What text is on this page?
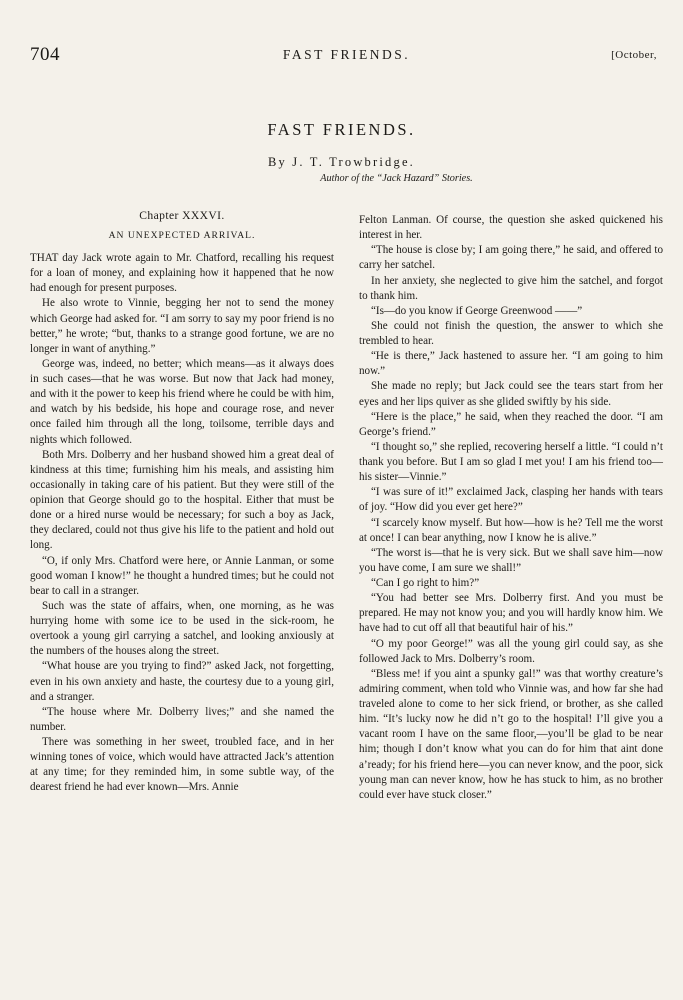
704	FAST FRIENDS.	[October,
FAST FRIENDS.
By J. T. Trowbridge.
Author of the “Jack Hazard” Stories.
Chapter XXXVI.
AN UNEXPECTED ARRIVAL.

THAT day Jack wrote again to Mr. Chatford, recalling his request for a loan of money, and explaining how it happened that he now had enough for present purposes.

He also wrote to Vinnie, begging her not to send the money which George had asked for. “I am sorry to say my poor friend is no better,” he wrote; “but, thanks to a strange good fortune, we are no longer in want of anything.”

George was, indeed, no better; which means—as it always does in such cases—that he was worse. But now that Jack had money, and with it the power to keep his friend where he could be with him, and watch by his bedside, his hope and courage rose, and never once failed him through all the long, toilsome, terrible days and nights which followed.

Both Mrs. Dolberry and her husband showed him a great deal of kindness at this time; furnishing him his meals, and assisting him occasionally in taking care of his patient. But they were still of the opinion that George should go to the hospital. Either that must be done or a hired nurse would be necessary; for such a boy as Jack, they declared, could not thus give his life to the patient and hold out long.

“O, if only Mrs. Chatford were here, or Annie Lanman, or some good woman I know!” he thought a hundred times; but he could not bear to call in a stranger.

Such was the state of affairs, when, one morning, as he was hurrying home with some ice to be used in the sick-room, he overtook a young girl carrying a satchel, and looking anxiously at the numbers of the houses along the street.

“What house are you trying to find?” asked Jack, not forgetting, even in his own anxiety and haste, the courtesy due to a young girl, and a stranger.

“The house where Mr. Dolberry lives;” and she named the number.

There was something in her sweet, troubled face, and in her winning tones of voice, which would have attracted Jack’s attention at any time; for they reminded him, in some subtle way, of the dearest friend he had ever known—Mrs. Annie

Felton Lanman. Of course, the question she asked quickened his interest in her.

“The house is close by; I am going there,” he said, and offered to carry her satchel.

In her anxiety, she neglected to give him the satchel, and forgot to thank him.

“Is—do you know if George Greenwood ——”

She could not finish the question, the answer to which she trembled to hear.

“He is there,” Jack hastened to assure her. “I am going to him now.”

She made no reply; but Jack could see the tears start from her eyes and her lips quiver as she glided swiftly by his side.

“Here is the place,” he said, when they reached the door. “I am George’s friend.”

“I thought so,” she replied, recovering herself a little. “I could n’t thank you before. But I am so glad I met you! I am his friend too—his sister—Vinnie.”

“I was sure of it!” exclaimed Jack, clasping her hands with tears of joy. “How did you ever get here?”

“I scarcely know myself. But how—how is he? Tell me the worst at once! I can bear anything, now I know he is alive.”

“The worst is—that he is very sick. But we shall save him—now you have come, I am sure we shall!”

“Can I go right to him?”

“You had better see Mrs. Dolberry first. And you must be prepared. He may not know you; and you will hardly know him. We have had to cut off all that beautiful hair of his.”

“O my poor George!” was all the young girl could say, as she followed Jack to Mrs. Dolberry’s room.

“Bless me! if you aint a spunky gal!” was that worthy creature’s admiring comment, when told who Vinnie was, and how far she had traveled alone to come to her sick friend, or brother, as she called him. “It’s lucky now he did n’t go to the hospital! I’ll give you a vacant room I have on the same floor,—you’ll be glad to be near him; though I don’t know what you can do for him that aint done a’ready; for his friend here—you can never know, and the poor, sick young man can never know, how he has stuck to him, as no brother could ever have stuck closer.”
